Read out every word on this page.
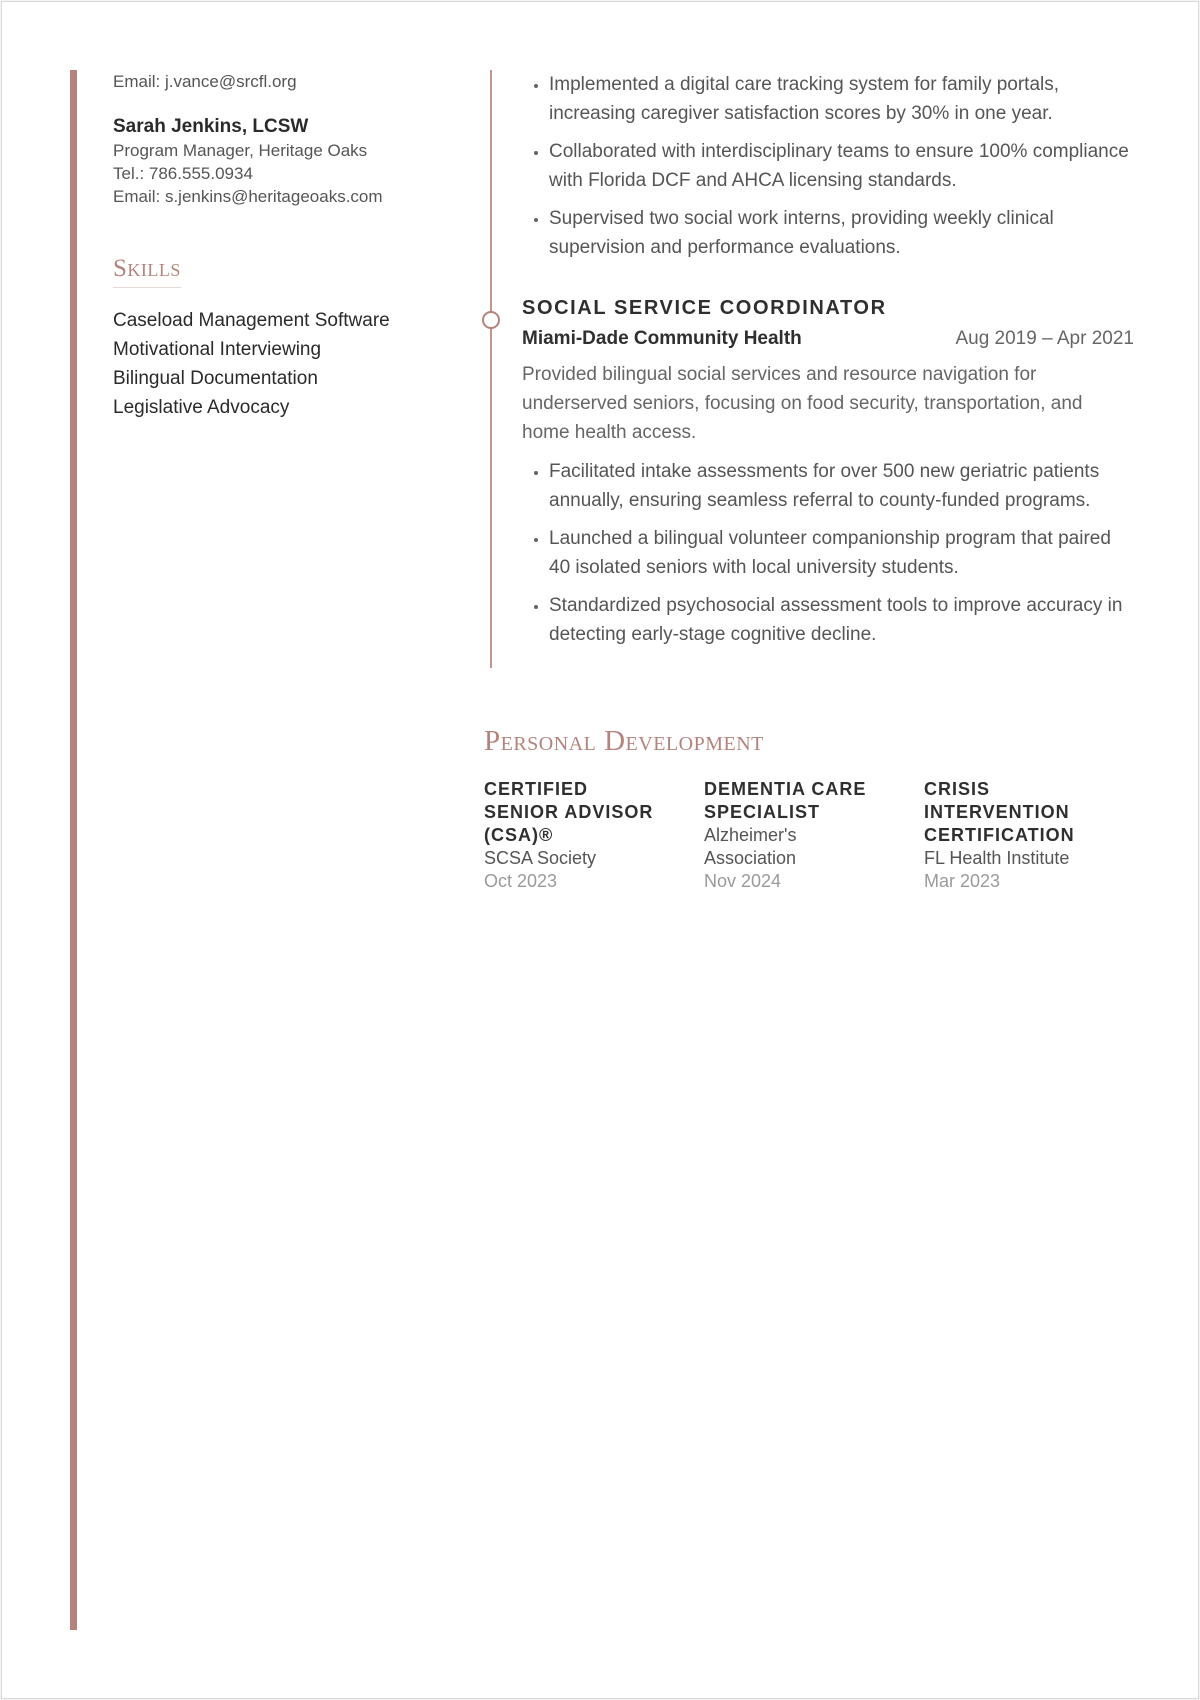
Email: j.vance@srcfl.org
Sarah Jenkins, LCSW
Program Manager, Heritage Oaks
Tel.: 786.555.0934
Email: s.jenkins@heritageoaks.com
Skills
Caseload Management Software
Motivational Interviewing
Bilingual Documentation
Legislative Advocacy
• Implemented a digital care tracking system for family portals, increasing caregiver satisfaction scores by 30% in one year.
• Collaborated with interdisciplinary teams to ensure 100% compliance with Florida DCF and AHCA licensing standards.
• Supervised two social work interns, providing weekly clinical supervision and performance evaluations.
SOCIAL SERVICE COORDINATOR
Miami-Dade Community Health	Aug 2019 – Apr 2021
Provided bilingual social services and resource navigation for underserved seniors, focusing on food security, transportation, and home health access.
• Facilitated intake assessments for over 500 new geriatric patients annually, ensuring seamless referral to county-funded programs.
• Launched a bilingual volunteer companionship program that paired 40 isolated seniors with local university students.
• Standardized psychosocial assessment tools to improve accuracy in detecting early-stage cognitive decline.
Personal Development
CERTIFIED SENIOR ADVISOR (CSA)®
SCSA Society
Oct 2023
DEMENTIA CARE SPECIALIST
Alzheimer's Association
Nov 2024
CRISIS INTERVENTION CERTIFICATION
FL Health Institute
Mar 2023
